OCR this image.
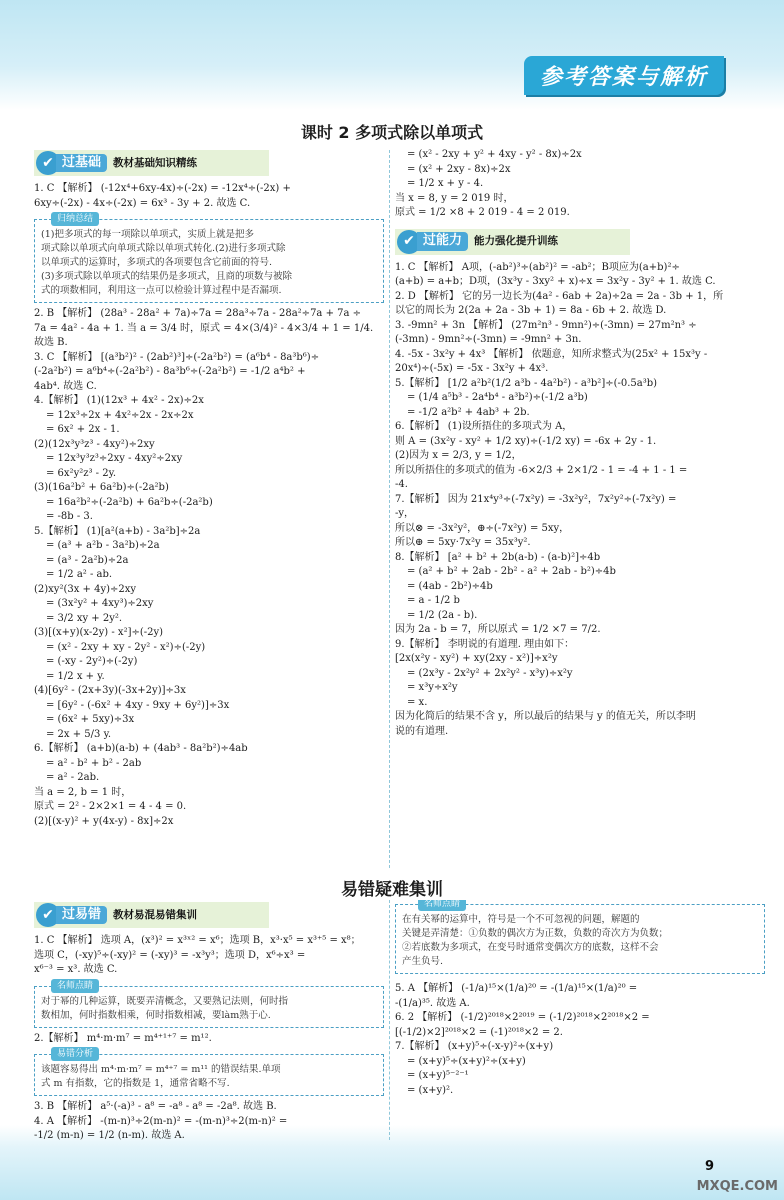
参考答案与解析
课时 2 多项式除以单项式
✔ 过基础	教材基础知识精练
1. C 【解析】 (-12x⁴+6xy-4x)÷(-2x) = -12x⁴÷(-2x) +
6xy÷(-2x) - 4x÷(-2x) = 6x³ - 3y + 2. 故选 C.
归纳总结
(1)把多项式的每一项除以单项式，实质上就是把多
项式除以单项式向单项式除以单项式转化.(2)进行多项式除
以单项式的运算时，多项式的各项要包含它前面的符号.
(3)多项式除以单项式的结果仍是多项式，且商的项数与被除
式的项数相同，利用这一点可以检验计算过程中是否漏项.
2. B 【解析】 (28a³ - 28a² + 7a)÷7a = 28a³÷7a - 28a²÷7a + 7a ÷
7a = 4a² - 4a + 1. 当 a = 3/4 时，原式 = 4×(3/4)² - 4×3/4 + 1 = 1/4.
故选 B.
3. C 【解析】 [(a³b²)² - (2ab²)³]÷(-2a²b²) = (a⁶b⁴ - 8a³b⁶)÷
(-2a²b²) = a⁶b⁴÷(-2a²b²) - 8a³b⁶÷(-2a²b²) = -1/2 a⁴b² +
4ab⁴. 故选 C.
4.【解析】 (1)(12x³ + 4x² - 2x)÷2x
= 12x³÷2x + 4x²÷2x - 2x÷2x
= 6x² + 2x - 1.
(2)(12x³y³z³ - 4xy²)÷2xy
= 12x³y³z³÷2xy - 4xy²÷2xy
= 6x²y²z³ - 2y.
(3)(16a²b² + 6a²b)÷(-2a²b)
= 16a²b²÷(-2a²b) + 6a²b÷(-2a²b)
= -8b - 3.
5.【解析】 (1)[a²(a+b) - 3a²b]÷2a
= (a³ + a²b - 3a²b)÷2a
= (a³ - 2a²b)÷2a
= 1/2 a² - ab.
(2)xy²(3x + 4y)÷2xy
= (3x²y² + 4xy³)÷2xy
= 3/2 xy + 2y².
(3)[(x+y)(x-2y) - x²]÷(-2y)
= (x² - 2xy + xy - 2y² - x²)÷(-2y)
= (-xy - 2y²)÷(-2y)
= 1/2 x + y.
(4)[6y² - (2x+3y)(-3x+2y)]÷3x
= [6y² - (-6x² + 4xy - 9xy + 6y²)]÷3x
= (6x² + 5xy)÷3x
= 2x + 5/3 y.
6.【解析】 (a+b)(a-b) + (4ab³ - 8a²b²)÷4ab
= a² - b² + b² - 2ab
= a² - 2ab.
当 a = 2, b = 1 时，
原式 = 2² - 2×2×1 = 4 - 4 = 0.
(2)[(x-y)² + y(4x-y) - 8x]÷2x
= (x² - 2xy + y² + 4xy - y² - 8x)÷2x
= (x² + 2xy - 8x)÷2x
= 1/2 x + y - 4.
当 x = 8, y = 2 019 时，
原式 = 1/2 ×8 + 2 019 - 4 = 2 019.
✔ 过能力	能力强化提升训练
1. C 【解析】 A项，(-ab²)³÷(ab²)² = -ab²；B项应为(a+b)²÷
(a+b) = a+b；D项，(3x³y - 3xy² + x)÷x = 3x²y - 3y² + 1. 故选 C.
2. D 【解析】 它的另一边长为(4a² - 6ab + 2a)÷2a = 2a - 3b + 1，所
以它的周长为 2(2a + 2a - 3b + 1) = 8a - 6b + 2. 故选 D.
3. -9mn² + 3n 【解析】 (27m²n³ - 9mn²)÷(-3mn) = 27m²n³ ÷
(-3mn) - 9mn²÷(-3mn) = -9mn² + 3n.
4. -5x - 3x²y + 4x³ 【解析】 依题意，知所求整式为(25x² + 15x³y -
20x⁴)÷(-5x) = -5x - 3x²y + 4x³.
5.【解析】 [1/2 a²b²(1/2 a³b - 4a²b²) - a³b²]÷(-0.5a³b)
= (1/4 a⁵b³ - 2a⁴b⁴ - a³b²)÷(-1/2 a³b)
= -1/2 a²b² + 4ab³ + 2b.
6.【解析】 (1)设所捂住的多项式为 A，
则 A = (3x²y - xy² + 1/2 xy)÷(-1/2 xy) = -6x + 2y - 1.
(2)因为 x = 2/3, y = 1/2，
所以所捂住的多项式的值为 -6×2/3 + 2×1/2 - 1 = -4 + 1 - 1 =
-4.
7.【解析】 因为 21x⁴y³÷(-7x²y) = -3x²y²，7x²y²÷(-7x²y) =
-y，
所以⊗ = -3x²y²，⊕÷(-7x²y) = 5xy，
所以⊕ = 5xy·7x²y = 35x³y².
8.【解析】 [a² + b² + 2b(a-b) - (a-b)²]÷4b
= (a² + b² + 2ab - 2b² - a² + 2ab - b²)÷4b
= (4ab - 2b²)÷4b
= a - 1/2 b
= 1/2 (2a - b).
因为 2a - b = 7，所以原式 = 1/2 ×7 = 7/2.
9.【解析】 李明说的有道理. 理由如下：
[2x(x²y - xy²) + xy(2xy - x²)]÷x²y
= (2x³y - 2x²y² + 2x²y² - x³y)÷x²y
= x³y÷x²y
= x.
因为化简后的结果不含 y，所以最后的结果与 y 的值无关，所以李明
说的有道理.
易错疑难集训
✔ 过易错	教材易混易错集训
1. C 【解析】 选项 A，(x³)² = x³ˣ² = x⁶；选项 B，x³·x⁵ = x³⁺⁵ = x⁸；
选项 C，(-xy)⁵÷(-xy)² = (-xy)³ = -x³y³；选项 D，x⁶÷x³ =
x⁶⁻³ = x³. 故选 C.
名师点睛
对于幂的几种运算，既要弄清概念，又要熟记法则，何时指
数相加，何时指数相乘，何时指数相减，要làm熟于心.
2.【解析】 m⁴·m·m⁷ = m⁴⁺¹⁺⁷ = m¹².
易错分析
该题容易得出 m⁴·m·m⁷ = m⁴⁺⁷ = m¹¹ 的错误结果.单项
式 m 有指数，它的指数是 1，通常省略不写.
3. B 【解析】 a⁵·(-a)³ - a⁸ = -a⁸ - a⁸ = -2a⁸. 故选 B.
4. A 【解析】 -(m-n)³÷2(m-n)² = -(m-n)³÷2(m-n)² =
-1/2 (m-n) = 1/2 (n-m). 故选 A.
名师点睛
在有关幂的运算中，符号是一个不可忽视的问题，解题的
关键是弄清楚：①负数的偶次方为正数，负数的奇次方为负数；
②若底数为多项式，在变号时通常变偶次方的底数，这样不会
产生负号.
5. A 【解析】 (-1/a)¹⁵×(1/a)²⁰ = -(1/a)¹⁵×(1/a)²⁰ =
-(1/a)³⁵. 故选 A.
6. 2 【解析】 (-1/2)²⁰¹⁸×2²⁰¹⁹ = (-1/2)²⁰¹⁸×2²⁰¹⁸×2 =
[(-1/2)×2]²⁰¹⁸×2 = (-1)²⁰¹⁸×2 = 2.
7.【解析】 (x+y)⁵÷(-x-y)²÷(x+y)
= (x+y)⁵÷(x+y)²÷(x+y)
= (x+y)⁵⁻²⁻¹
= (x+y)².
9
MXQE.COM
